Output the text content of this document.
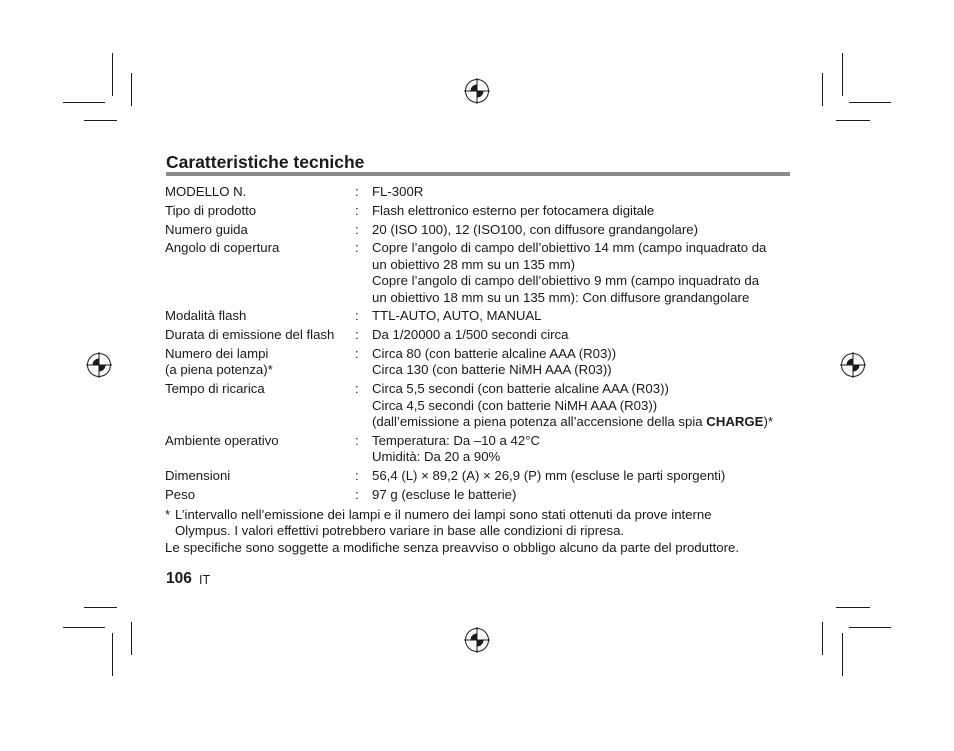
Caratteristiche tecniche
MODELLO N.	:	FL-300R
Tipo di prodotto	:	Flash elettronico esterno per fotocamera digitale
Numero guida	:	20 (ISO 100), 12 (ISO100, con diffusore grandangolare)
Angolo di copertura	:	Copre l’angolo di campo dell’obiettivo 14 mm (campo inquadrato da
un obiettivo 28 mm su un 135 mm)
Copre l’angolo di campo dell’obiettivo 9 mm (campo inquadrato da
un obiettivo 18 mm su un 135 mm): Con diffusore grandangolare
Modalità flash	:	TTL-AUTO, AUTO, MANUAL
Durata di emissione del flash	:	Da 1/20000 a 1/500 secondi circa
Numero dei lampi
(a piena potenza)*
:	Circa 80 (con batterie alcaline AAA (R03))
Circa 130 (con batterie NiMH AAA (R03))
Tempo di ricarica	:	Circa 5,5 secondi (con batterie alcaline AAA (R03))
Circa 4,5 secondi (con batterie NiMH AAA (R03))
(dall’emissione a piena potenza all’accensione della spia CHARGE)*
Ambiente operativo	:	Temperatura: Da –10 a 42°C
Umidità: Da 20 a 90%
Dimensioni	:	56,4 (L) × 89,2 (A) × 26,9 (P) mm (escluse le parti sporgenti)
Peso	:	97 g (escluse le batterie)
* L’intervallo nell’emissione dei lampi e il numero dei lampi sono stati ottenuti da prove interne
Olympus. I valori effettivi potrebbero variare in base alle condizioni di ripresa.
Le specifiche sono soggette a modifiche senza preavviso o obbligo alcuno da parte del produttore.
106 IT
